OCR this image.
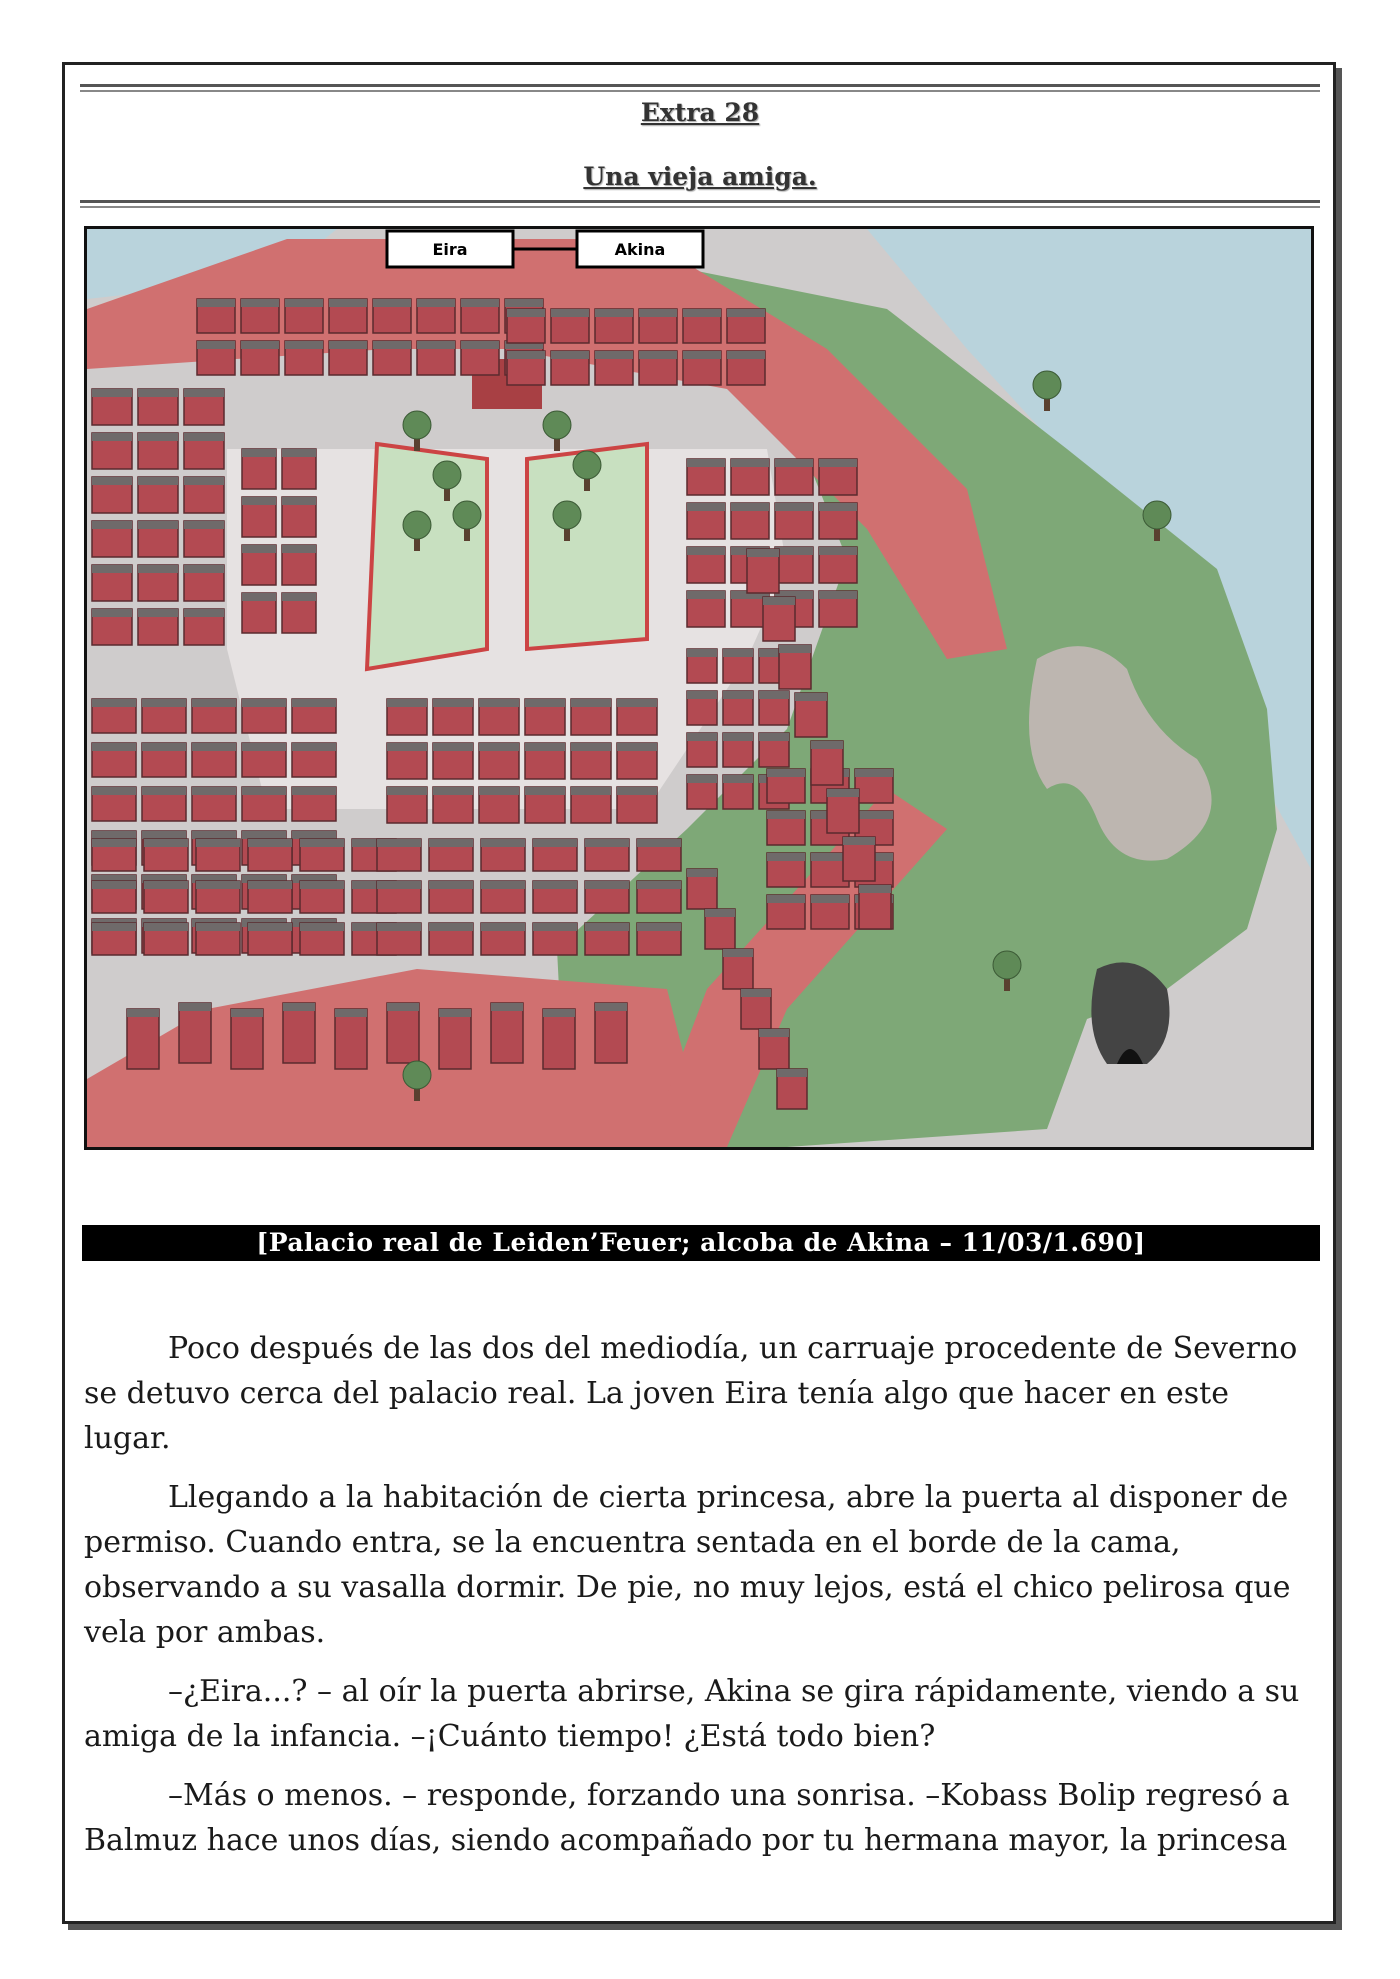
Extra 28
Una vieja amiga.
Eira	Akina
[Palacio real de Leiden’Feuer; alcoba de Akina – 11/03/1.690]

Poco después de las dos del mediodía, un carruaje procedente de Severno se detuvo cerca del palacio real. La joven Eira tenía algo que hacer en este lugar.

Llegando a la habitación de cierta princesa, abre la puerta al disponer de permiso. Cuando entra, se la encuentra sentada en el borde de la cama, observando a su vasalla dormir. De pie, no muy lejos, está el chico pelirosa que vela por ambas.

–¿Eira...? – al oír la puerta abrirse, Akina se gira rápidamente, viendo a su amiga de la infancia. –¡Cuánto tiempo! ¿Está todo bien?

–Más o menos. – responde, forzando una sonrisa. –Kobass Bolip regresó a Balmuz hace unos días, siendo acompañado por tu hermana mayor, la princesa
